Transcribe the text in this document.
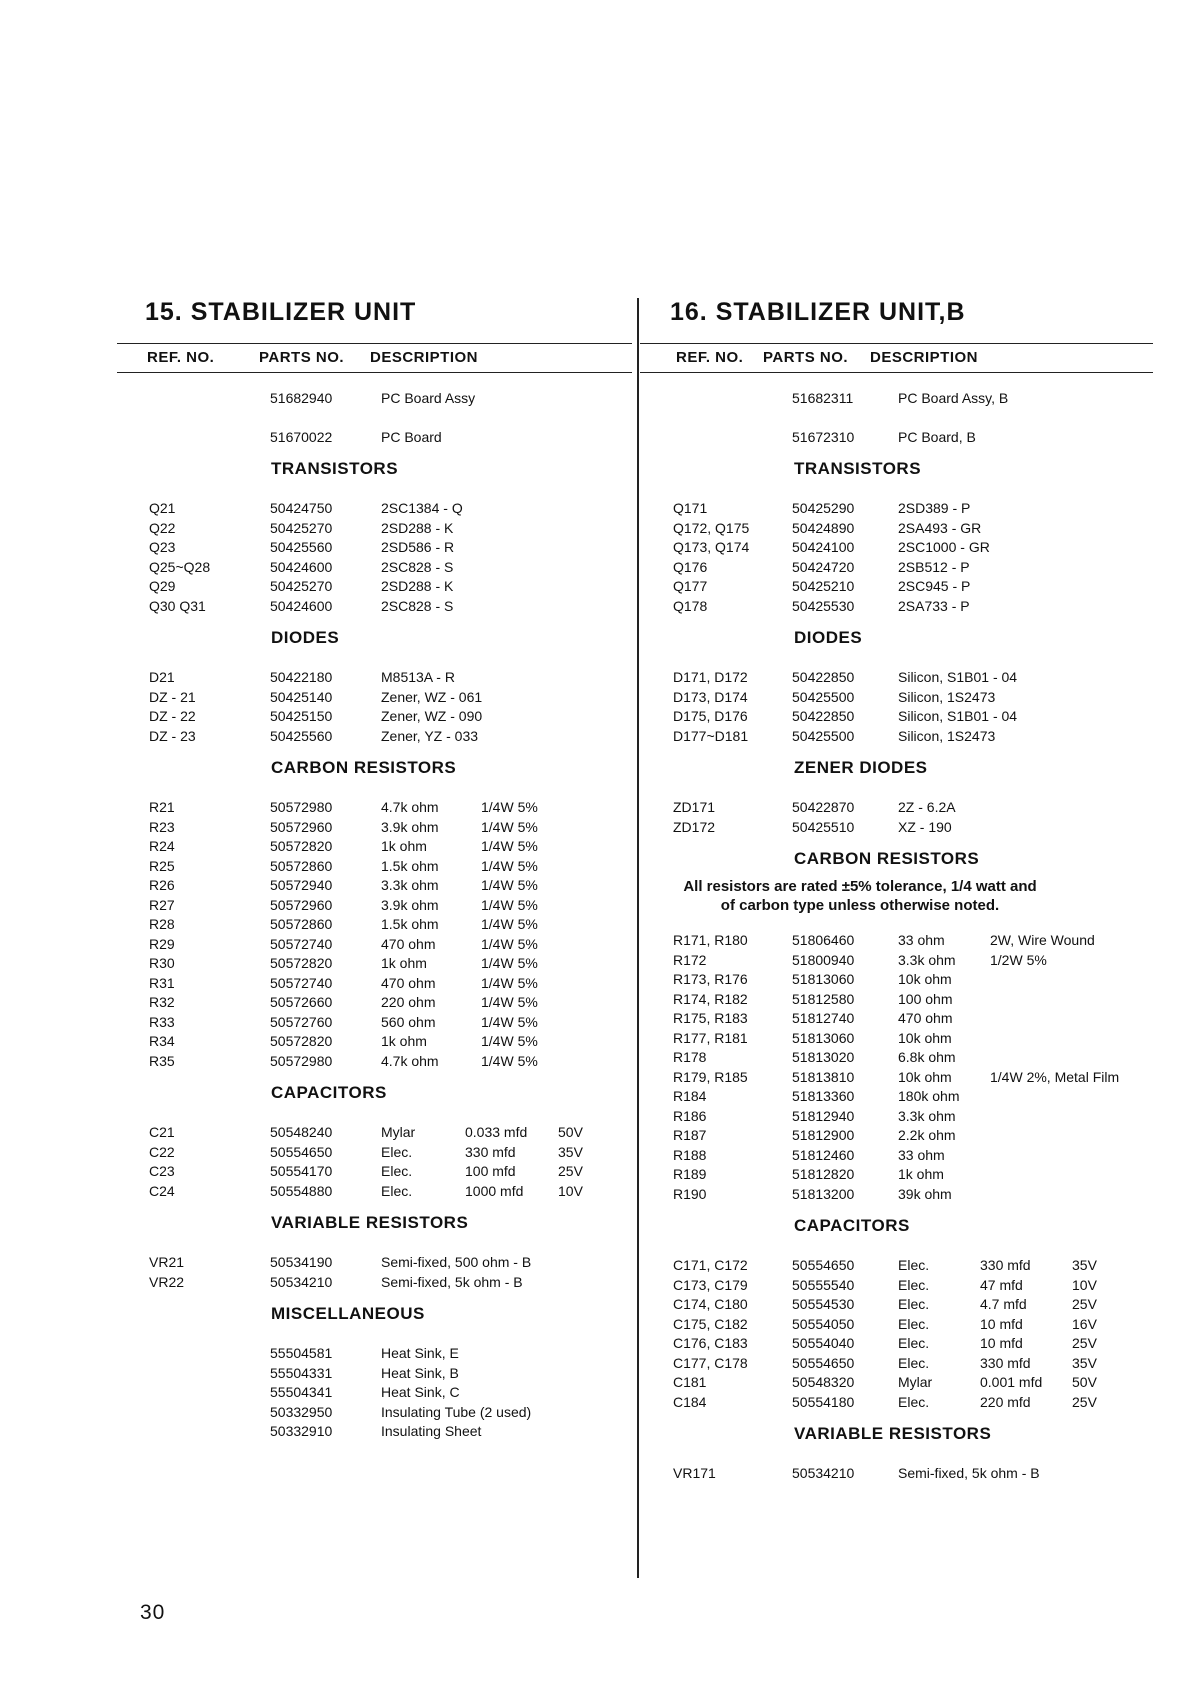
15. STABILIZER UNIT
REF. NO.	PARTS NO. DESCRIPTION
51682940	PC Board Assy
51670022	PC Board
TRANSISTORS
Q21	50424750	2SC1384 - Q
Q22	50425270	2SD288 - K
Q23	50425560	2SD586 - R
Q25~Q28	50424600	2SC828 - S
Q29	50425270	2SD288 - K
Q30 Q31	50424600	2SC828 - S
DIODES
D21	50422180	M8513A - R
DZ - 21	50425140	Zener, WZ - 061
DZ - 22	50425150	Zener, WZ - 090
DZ - 23	50425560	Zener, YZ - 033
CARBON RESISTORS
R21	50572980	4.7k ohm	1/4W 5%
R23	50572960	3.9k ohm	1/4W 5%
R24	50572820	1k ohm	1/4W 5%
R25	50572860	1.5k ohm	1/4W 5%
R26	50572940	3.3k ohm	1/4W 5%
R27	50572960	3.9k ohm	1/4W 5%
R28	50572860	1.5k ohm	1/4W 5%
R29	50572740	470 ohm	1/4W 5%
R30	50572820	1k ohm	1/4W 5%
R31	50572740	470 ohm	1/4W 5%
R32	50572660	220 ohm	1/4W 5%
R33	50572760	560 ohm	1/4W 5%
R34	50572820	1k ohm	1/4W 5%
R35	50572980	4.7k ohm	1/4W 5%
CAPACITORS
C21	50548240	Mylar	0.033 mfd 50V
C22	50554650	Elec.	330 mfd	35V
C23	50554170	Elec.	100 mfd	25V
C24	50554880	Elec.	1000 mfd 10V
VARIABLE RESISTORS
VR21	50534190	Semi-fixed, 500 ohm - B
VR22	50534210	Semi-fixed, 5k ohm - B
MISCELLANEOUS
55504581	Heat Sink, E
55504331	Heat Sink, B
55504341	Heat Sink, C
50332950	Insulating Tube (2 used)
50332910	Insulating Sheet
16. STABILIZER UNIT,B
REF. NO. PARTS NO. DESCRIPTION
51682311	PC Board Assy, B
51672310	PC Board, B
TRANSISTORS
Q171	50425290	2SD389 - P
Q172, Q175	50424890	2SA493 - GR
Q173, Q174	50424100	2SC1000 - GR
Q176	50424720	2SB512 - P
Q177	50425210	2SC945 - P
Q178	50425530	2SA733 - P
DIODES
D171, D172	50422850	Silicon, S1B01 - 04
D173, D174	50425500	Silicon, 1S2473
D175, D176	50422850	Silicon, S1B01 - 04
D177~D181	50425500	Silicon, 1S2473
ZENER DIODES
ZD171	50422870	2Z - 6.2A
ZD172	50425510	XZ - 190
CARBON RESISTORS
All resistors are rated ±5% tolerance, 1/4 watt and
of carbon type unless otherwise noted.
R171, R180	51806460	33 ohm	2W, Wire Wound
R172	51800940	3.3k ohm 1/2W 5%
R173, R176	51813060	10k ohm
R174, R182	51812580	100 ohm
R175, R183	51812740	470 ohm
R177, R181	51813060	10k ohm
R178	51813020	6.8k ohm
R179, R185	51813810	10k ohm	1/4W 2%, Metal Film
R184	51813360	180k ohm
R186	51812940	3.3k ohm
R187	51812900	2.2k ohm
R188	51812460	33 ohm
R189	51812820	1k ohm
R190	51813200	39k ohm
CAPACITORS
C171, C172	50554650	Elec.	330 mfd	35V
C173, C179	50555540	Elec.	47 mfd	10V
C174, C180	50554530	Elec.	4.7 mfd	25V
C175, C182	50554050	Elec.	10 mfd	16V
C176, C183	50554040	Elec.	10 mfd	25V
C177, C178	50554650	Elec.	330 mfd	35V
C181	50548320	Mylar	0.001 mfd 50V
C184	50554180	Elec.	220 mfd	25V
VARIABLE RESISTORS
VR171	50534210	Semi-fixed, 5k ohm - B
30
